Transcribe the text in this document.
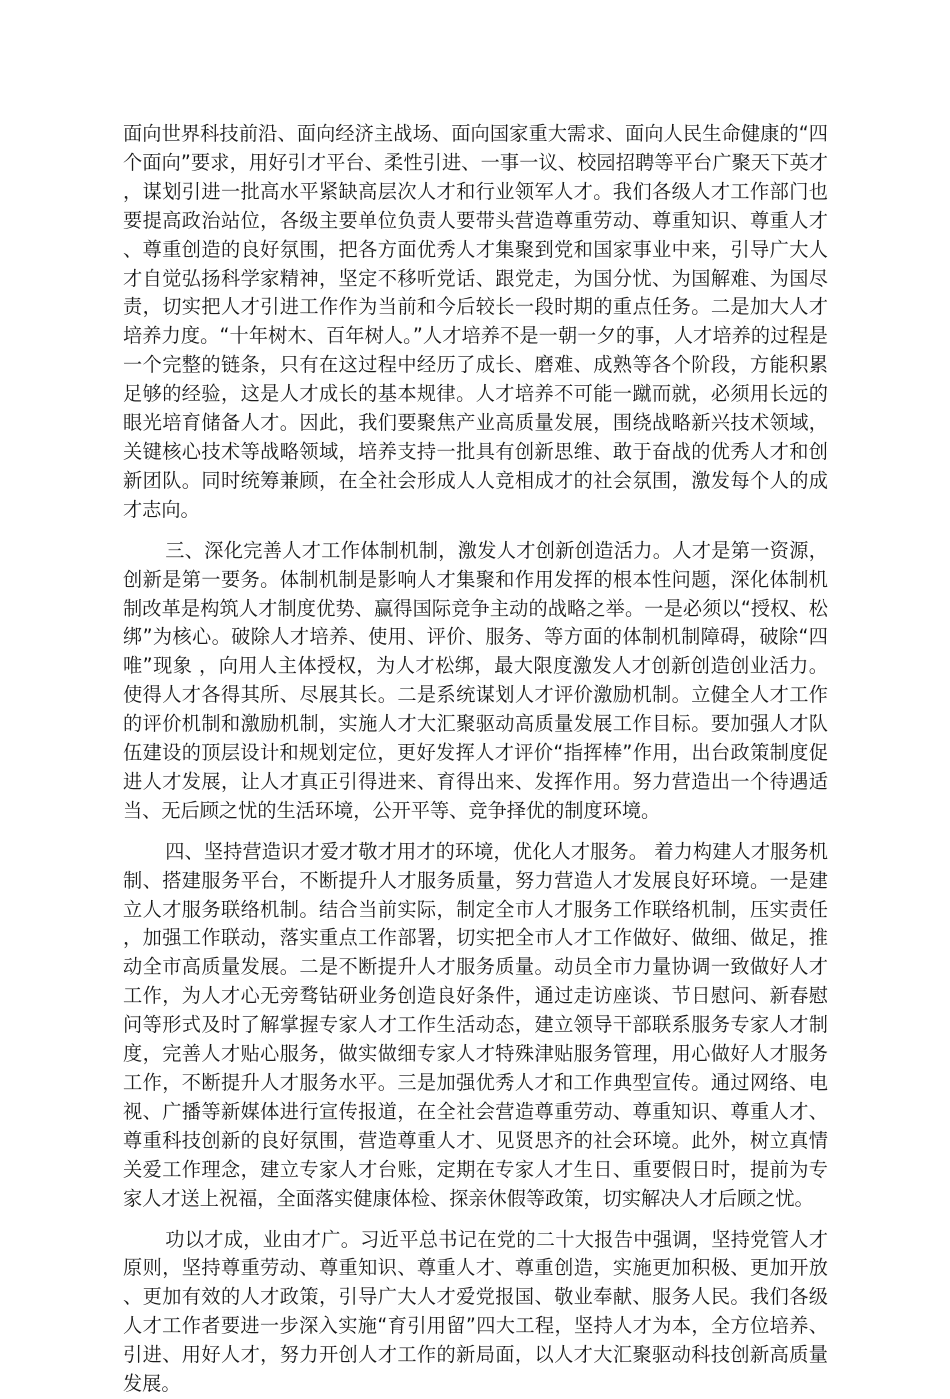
面向世界科技前沿、面向经济主战场、面向国家重大需求、面向人民生命健康的“四个面向”要求，用好引才平台、柔性引进、一事一议、校园招聘等平台广聚天下英才，谋划引进一批高水平紧缺高层次人才和行业领军人才。我们各级人才工作部门也要提高政治站位，各级主要单位负责人要带头营造尊重劳动、尊重知识、尊重人才、尊重创造的良好氛围，把各方面优秀人才集聚到党和国家事业中来，引导广大人才自觉弘扬科学家精神，坚定不移听党话、跟党走，为国分忧、为国解难、为国尽责，切实把人才引进工作作为当前和今后较长一段时期的重点任务。二是加大人才培养力度。“十年树木、百年树人。”人才培养不是一朝一夕的事，人才培养的过程是一个完整的链条，只有在这过程中经历了成长、磨难、成熟等各个阶段，方能积累足够的经验，这是人才成长的基本规律。人才培养不可能一蹴而就，必须用长远的眼光培育储备人才。因此，我们要聚焦产业高质量发展，围绕战略新兴技术领域，关键核心技术等战略领域，培养支持一批具有创新思维、敢于奋战的优秀人才和创新团队。同时统筹兼顾，在全社会形成人人竞相成才的社会氛围，激发每个人的成才志向。

三、深化完善人才工作体制机制，激发人才创新创造活力。人才是第一资源，创新是第一要务。体制机制是影响人才集聚和作用发挥的根本性问题，深化体制机制改革是构筑人才制度优势、赢得国际竞争主动的战略之举。一是必须以“授权、松绑”为核心。破除人才培养、使用、评价、服务、等方面的体制机制障碍，破除“四唯”现象 ，向用人主体授权，为人才松绑，最大限度激发人才创新创造创业活力。使得人才各得其所、尽展其长。二是系统谋划人才评价激励机制。立健全人才工作的评价机制和激励机制，实施人才大汇聚驱动高质量发展工作目标。要加强人才队伍建设的顶层设计和规划定位，更好发挥人才评价“指挥棒”作用，出台政策制度促进人才发展，让人才真正引得进来、育得出来、发挥作用。努力营造出一个待遇适当、无后顾之忧的生活环境，公开平等、竞争择优的制度环境。

四、坚持营造识才爱才敬才用才的环境，优化人才服务。 着力构建人才服务机制、搭建服务平台，不断提升人才服务质量，努力营造人才发展良好环境。一是建立人才服务联络机制。结合当前实际，制定全市人才服务工作联络机制，压实责任，加强工作联动，落实重点工作部署，切实把全市人才工作做好、做细、做足，推动全市高质量发展。二是不断提升人才服务质量。动员全市力量协调一致做好人才工作，为人才心无旁骛钻研业务创造良好条件，通过走访座谈、节日慰问、新春慰问等形式及时了解掌握专家人才工作生活动态，建立领导干部联系服务专家人才制度，完善人才贴心服务，做实做细专家人才特殊津贴服务管理，用心做好人才服务工作，不断提升人才服务水平。三是加强优秀人才和工作典型宣传。通过网络、电视、广播等新媒体进行宣传报道，在全社会营造尊重劳动、尊重知识、尊重人才、尊重科技创新的良好氛围，营造尊重人才、见贤思齐的社会环境。此外，树立真情关爱工作理念，建立专家人才台账，定期在专家人才生日、重要假日时，提前为专家人才送上祝福，全面落实健康体检、探亲休假等政策，切实解决人才后顾之忧。

功以才成，业由才广。习近平总书记在党的二十大报告中强调，坚持党管人才原则，坚持尊重劳动、尊重知识、尊重人才、尊重创造，实施更加积极、更加开放、更加有效的人才政策，引导广大人才爱党报国、敬业奉献、服务人民。我们各级人才工作者要进一步深入实施“育引用留”四大工程，坚持人才为本，全方位培养、引进、用好人才，努力开创人才工作的新局面，以人才大汇聚驱动科技创新高质量发展。
